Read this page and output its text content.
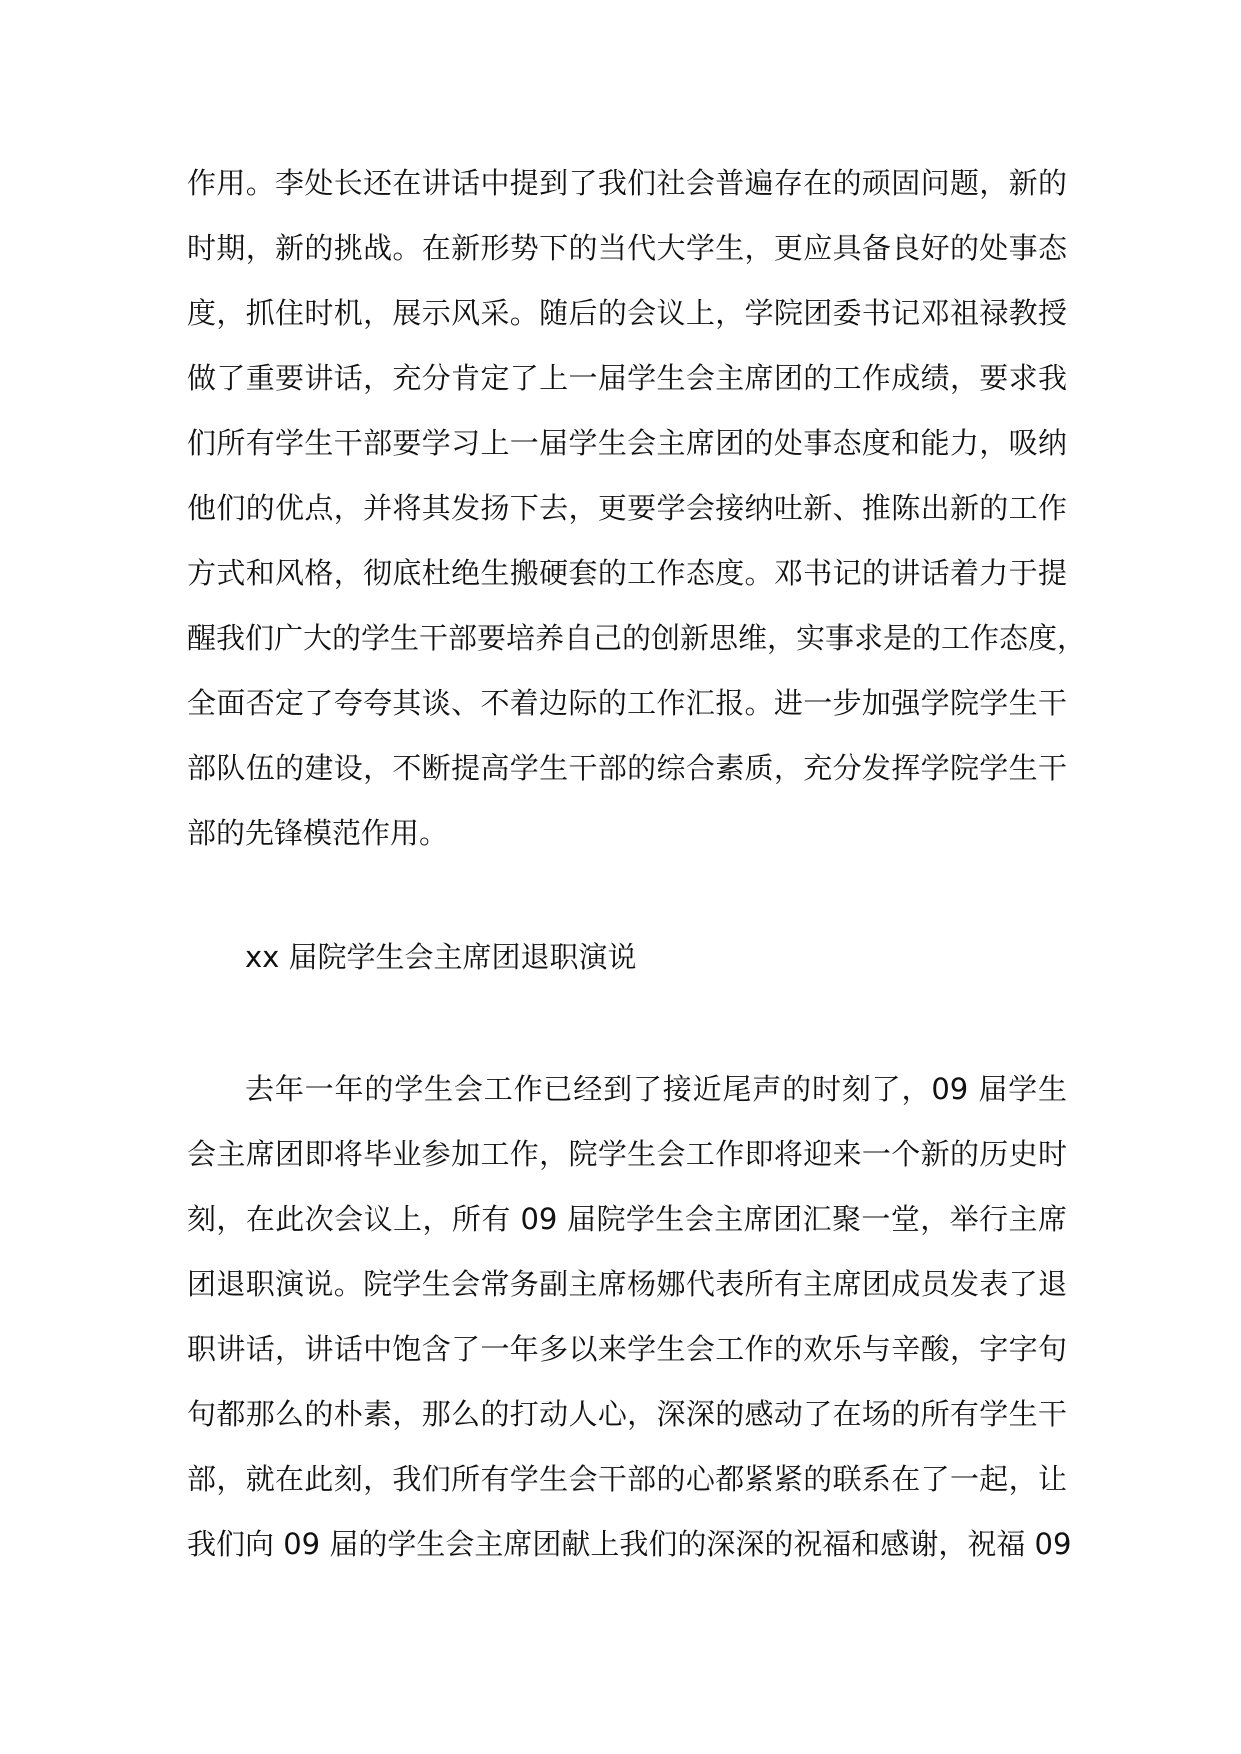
作用。李处长还在讲话中提到了我们社会普遍存在的顽固问题，新的
时期，新的挑战。在新形势下的当代大学生，更应具备良好的处事态
度，抓住时机，展示风采。随后的会议上，学院团委书记邓祖禄教授
做了重要讲话，充分肯定了上一届学生会主席团的工作成绩，要求我
们所有学生干部要学习上一届学生会主席团的处事态度和能力，吸纳
他们的优点，并将其发扬下去，更要学会接纳吐新、推陈出新的工作
方式和风格，彻底杜绝生搬硬套的工作态度。邓书记的讲话着力于提
醒我们广大的学生干部要培养自己的创新思维，实事求是的工作态度，
全面否定了夸夸其谈、不着边际的工作汇报。进一步加强学院学生干
部队伍的建设，不断提高学生干部的综合素质，充分发挥学院学生干
部的先锋模范作用。
xx 届院学生会主席团退职演说
去年一年的学生会工作已经到了接近尾声的时刻了，09 届学生
会主席团即将毕业参加工作，院学生会工作即将迎来一个新的历史时
刻，在此次会议上，所有 09 届院学生会主席团汇聚一堂，举行主席
团退职演说。院学生会常务副主席杨娜代表所有主席团成员发表了退
职讲话，讲话中饱含了一年多以来学生会工作的欢乐与辛酸，字字句
句都那么的朴素，那么的打动人心，深深的感动了在场的所有学生干
部，就在此刻，我们所有学生会干部的心都紧紧的联系在了一起，让
我们向 09 届的学生会主席团献上我们的深深的祝福和感谢，祝福 09
